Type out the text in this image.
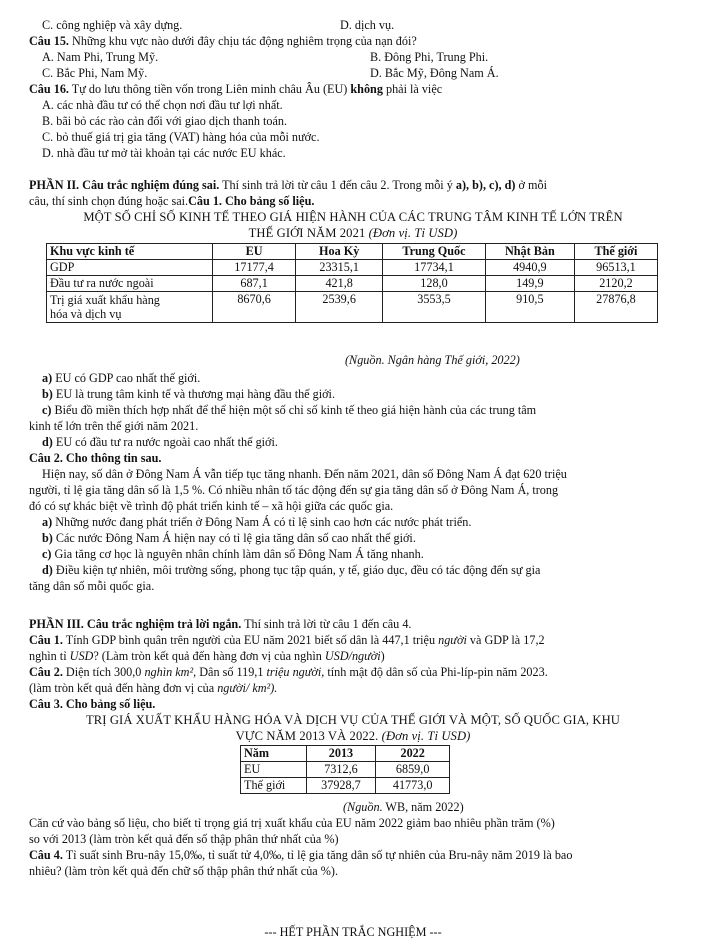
C. công nghiệp và xây dựng.	D. dịch vụ.
Câu 15. Những khu vực nào dưới đây chịu tác động nghiêm trọng của nạn đói?
A. Nam Phi, Trung Mỹ.	B. Đông Phi, Trung Phi.
C. Bắc Phi, Nam Mỹ.	D. Bắc Mỹ, Đông Nam Á.
Câu 16. Tự do lưu thông tiền vốn trong Liên minh châu Âu (EU) không phải là việc
A. các nhà đầu tư có thể chọn nơi đầu tư lợi nhất.
B. bãi bỏ các rào cản đối với giao dịch thanh toán.
C. bỏ thuế giá trị gia tăng (VAT) hàng hóa của mỗi nước.
D. nhà đầu tư mở tài khoản tại các nước EU khác.
PHẦN II. Câu trắc nghiệm đúng sai. Thí sinh trả lời từ câu 1 đến câu 2. Trong mỗi ý a), b), c), d) ở mỗi
câu, thí sinh chọn đúng hoặc sai.Câu 1. Cho bảng số liệu.
MỘT SỐ CHỈ SỐ KINH TẾ THEO GIÁ HIỆN HÀNH CỦA CÁC TRUNG TÂM KINH TẾ LỚN TRÊN
THẾ GIỚI NĂM 2021 (Đơn vị. Tỉ USD)
Khu vực kinh tế	EU	Hoa Kỳ	Trung Quốc	Nhật Bản	Thế giới
GDP	17177,4	23315,1	17734,1	4940,9	96513,1
Đầu tư ra nước ngoài	687,1	421,8	128,0	149,9	2120,2
Trị giá xuất khẩu hàng
hóa và dịch vụ	8670,6	2539,6	3553,5	910,5	27876,8
(Nguồn. Ngân hàng Thế giới, 2022)
a) EU có GDP cao nhất thế giới.
b) EU là trung tâm kinh tế và thương mại hàng đầu thế giới.
c) Biểu đồ miền thích hợp nhất để thể hiện một số chỉ số kinh tế theo giá hiện hành của các trung tâm
kinh tế lớn trên thế giới năm 2021.
d) EU có đầu tư ra nước ngoài cao nhất thế giới.
Câu 2. Cho thông tin sau.
Hiện nay, số dân ở Đông Nam Á vẫn tiếp tục tăng nhanh. Đến năm 2021, dân số Đông Nam Á đạt 620 triệu
người, tỉ lệ gia tăng dân số là 1,5 %. Có nhiều nhân tố tác động đến sự gia tăng dân số ở Đông Nam Á, trong
đó có sự khác biệt về trình độ phát triển kinh tế – xã hội giữa các quốc gia.
a) Những nước đang phát triển ở Đông Nam Á có tỉ lệ sinh cao hơn các nước phát triển.
b) Các nước Đông Nam Á hiện nay có tỉ lệ gia tăng dân số cao nhất thế giới.
c) Gia tăng cơ học là nguyên nhân chính làm dân số Đông Nam Á tăng nhanh.
d) Điều kiện tự nhiên, môi trường sống, phong tục tập quán, y tế, giáo dục, đều có tác động đến sự gia
tăng dân số mỗi quốc gia.
PHẦN III. Câu trắc nghiệm trả lời ngắn. Thí sinh trả lời từ câu 1 đến câu 4.
Câu 1. Tính GDP bình quân trên người của EU năm 2021 biết số dân là 447,1 triệu người và GDP là 17,2
nghìn tỉ USD? (Làm tròn kết quả đến hàng đơn vị của nghìn USD/người)
Câu 2. Diện tích 300,0 nghìn km², Dân số 119,1 triệu người, tính mật độ dân số của Phi-líp-pin năm 2023.
(làm tròn kết quả đến hàng đơn vị của người/ km²).
Câu 3. Cho bảng số liệu.
TRỊ GIÁ XUẤT KHẨU HÀNG HÓA VÀ DỊCH VỤ CỦA THẾ GIỚI VÀ MỘT, SỐ QUỐC GIA, KHU
VỰC NĂM 2013 VÀ 2022. (Đơn vị. Tỉ USD)
Năm	2013	2022
EU	7312,6	6859,0
Thế giới	37928,7	41773,0
(Nguồn. WB, năm 2022)
Căn cứ vào bảng số liệu, cho biết tỉ trọng giá trị xuất khẩu của EU năm 2022 giảm bao nhiêu phần trăm (%)
so với 2013 (làm tròn kết quả đến số thập phân thứ nhất của %)
Câu 4. Tỉ suất sinh Bru-nây 15,0‰, tỉ suất tử 4,0‰, tỉ lệ gia tăng dân số tự nhiên của Bru-nây năm 2019 là bao
nhiêu? (làm tròn kết quả đến chữ số thập phân thứ nhất của %).
--- HẾT PHẦN TRẮC NGHIỆM ---
